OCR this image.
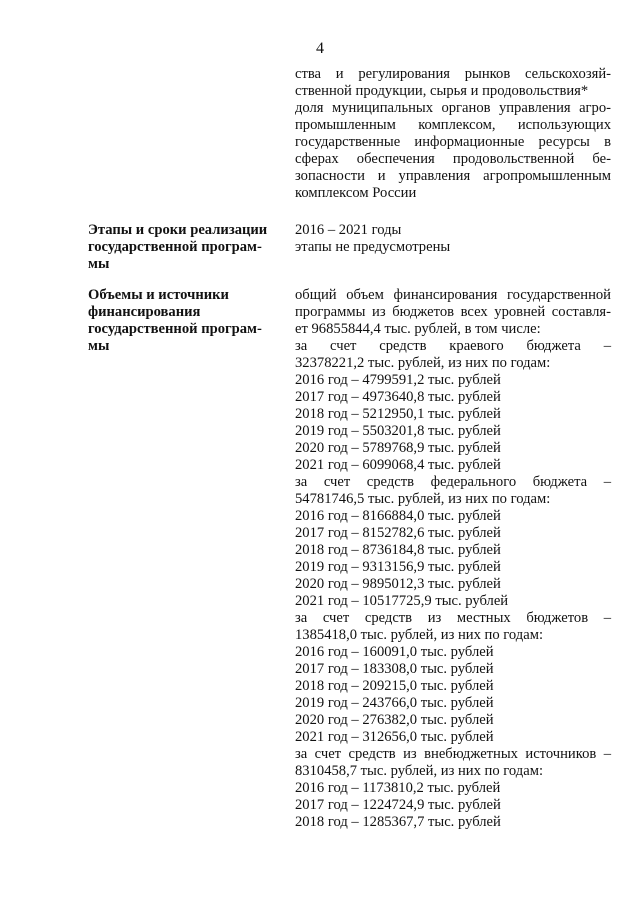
4

ства и регулирования рынков сельскохозяй-

ственной продукции, сырья и продовольствия*

доля муниципальных органов управления агро-

промышленным комплексом, использующих

государственные информационные ресурсы в

сферах обеспечения продовольственной бе-

зопасности и управления агропромышленным

комплексом России

Этапы и сроки реализации
государственной програм-
мы

2016 – 2021 годы

этапы не предусмотрены

Объемы и источники
финансирования
государственной програм-
мы

общий объем финансирования государственной

программы из бюджетов всех уровней составля-

ет 96855844,4 тыс. рублей, в том числе:

за счет средств краевого бюджета –

32378221,2 тыс. рублей, из них по годам:

2016 год – 4799591,2 тыс. рублей

2017 год – 4973640,8 тыс. рублей

2018 год – 5212950,1 тыс. рублей

2019 год – 5503201,8 тыс. рублей

2020 год – 5789768,9 тыс. рублей

2021 год – 6099068,4 тыс. рублей

за счет средств федерального бюджета –

54781746,5 тыс. рублей, из них по годам:

2016 год – 8166884,0 тыс. рублей

2017 год – 8152782,6 тыс. рублей

2018 год – 8736184,8 тыс. рублей

2019 год – 9313156,9 тыс. рублей

2020 год – 9895012,3 тыс. рублей

2021 год – 10517725,9 тыс. рублей

за счет средств из местных бюджетов –

1385418,0 тыс. рублей, из них по годам:

2016 год – 160091,0 тыс. рублей

2017 год – 183308,0 тыс. рублей

2018 год – 209215,0 тыс. рублей

2019 год – 243766,0 тыс. рублей

2020 год – 276382,0 тыс. рублей

2021 год – 312656,0 тыс. рублей

за счет средств из внебюджетных источников –

8310458,7 тыс. рублей, из них по годам:

2016 год – 1173810,2 тыс. рублей

2017 год – 1224724,9 тыс. рублей

2018 год – 1285367,7 тыс. рублей
